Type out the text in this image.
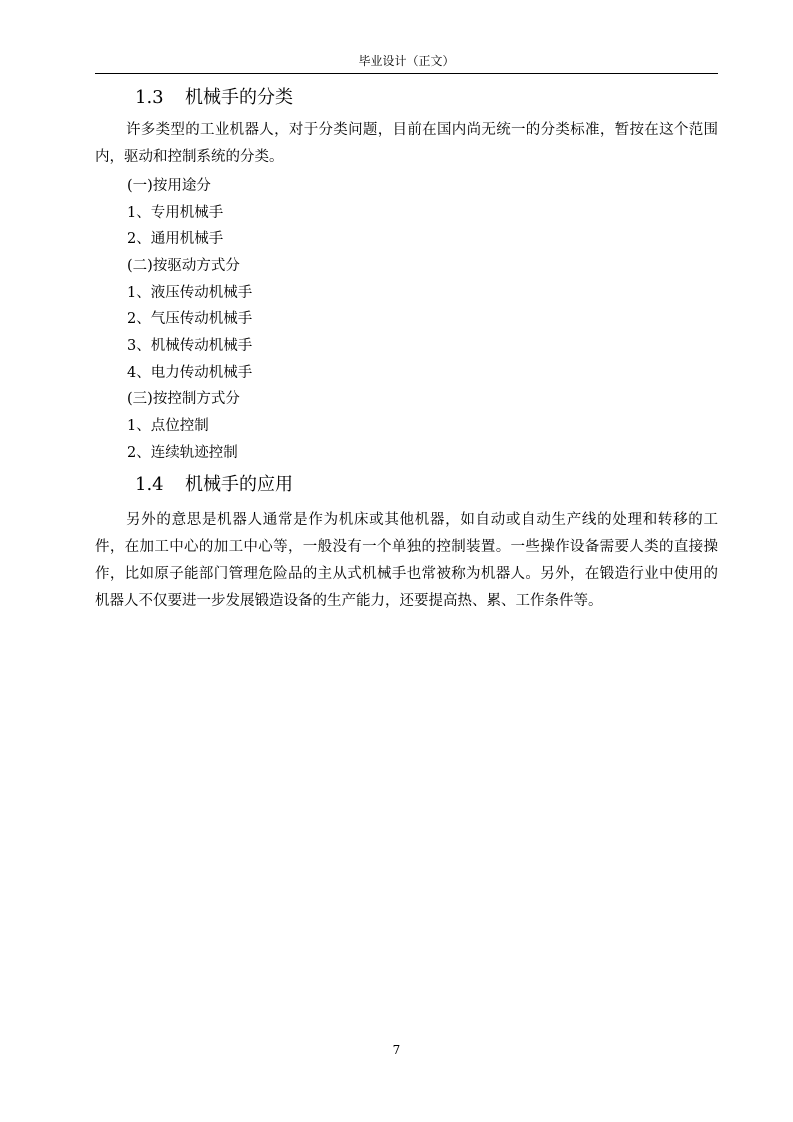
毕业设计（正文）
1.3 机械手的分类

许多类型的工业机器人，对于分类问题，目前在国内尚无统一的分类标准，暂按在这个范围内，驱动和控制系统的分类。

(一)按用途分
1、专用机械手
2、通用机械手
(二)按驱动方式分
1、液压传动机械手
2、气压传动机械手
3、机械传动机械手
4、电力传动机械手
(三)按控制方式分
1、点位控制
2、连续轨迹控制
1.4 机械手的应用

另外的意思是机器人通常是作为机床或其他机器，如自动或自动生产线的处理和转移的工件，在加工中心的加工中心等，一般没有一个单独的控制装置。一些操作设备需要人类的直接操作，比如原子能部门管理危险品的主从式机械手也常被称为机器人。另外，在锻造行业中使用的机器人不仅要进一步发展锻造设备的生产能力，还要提高热、累、工作条件等。

7
